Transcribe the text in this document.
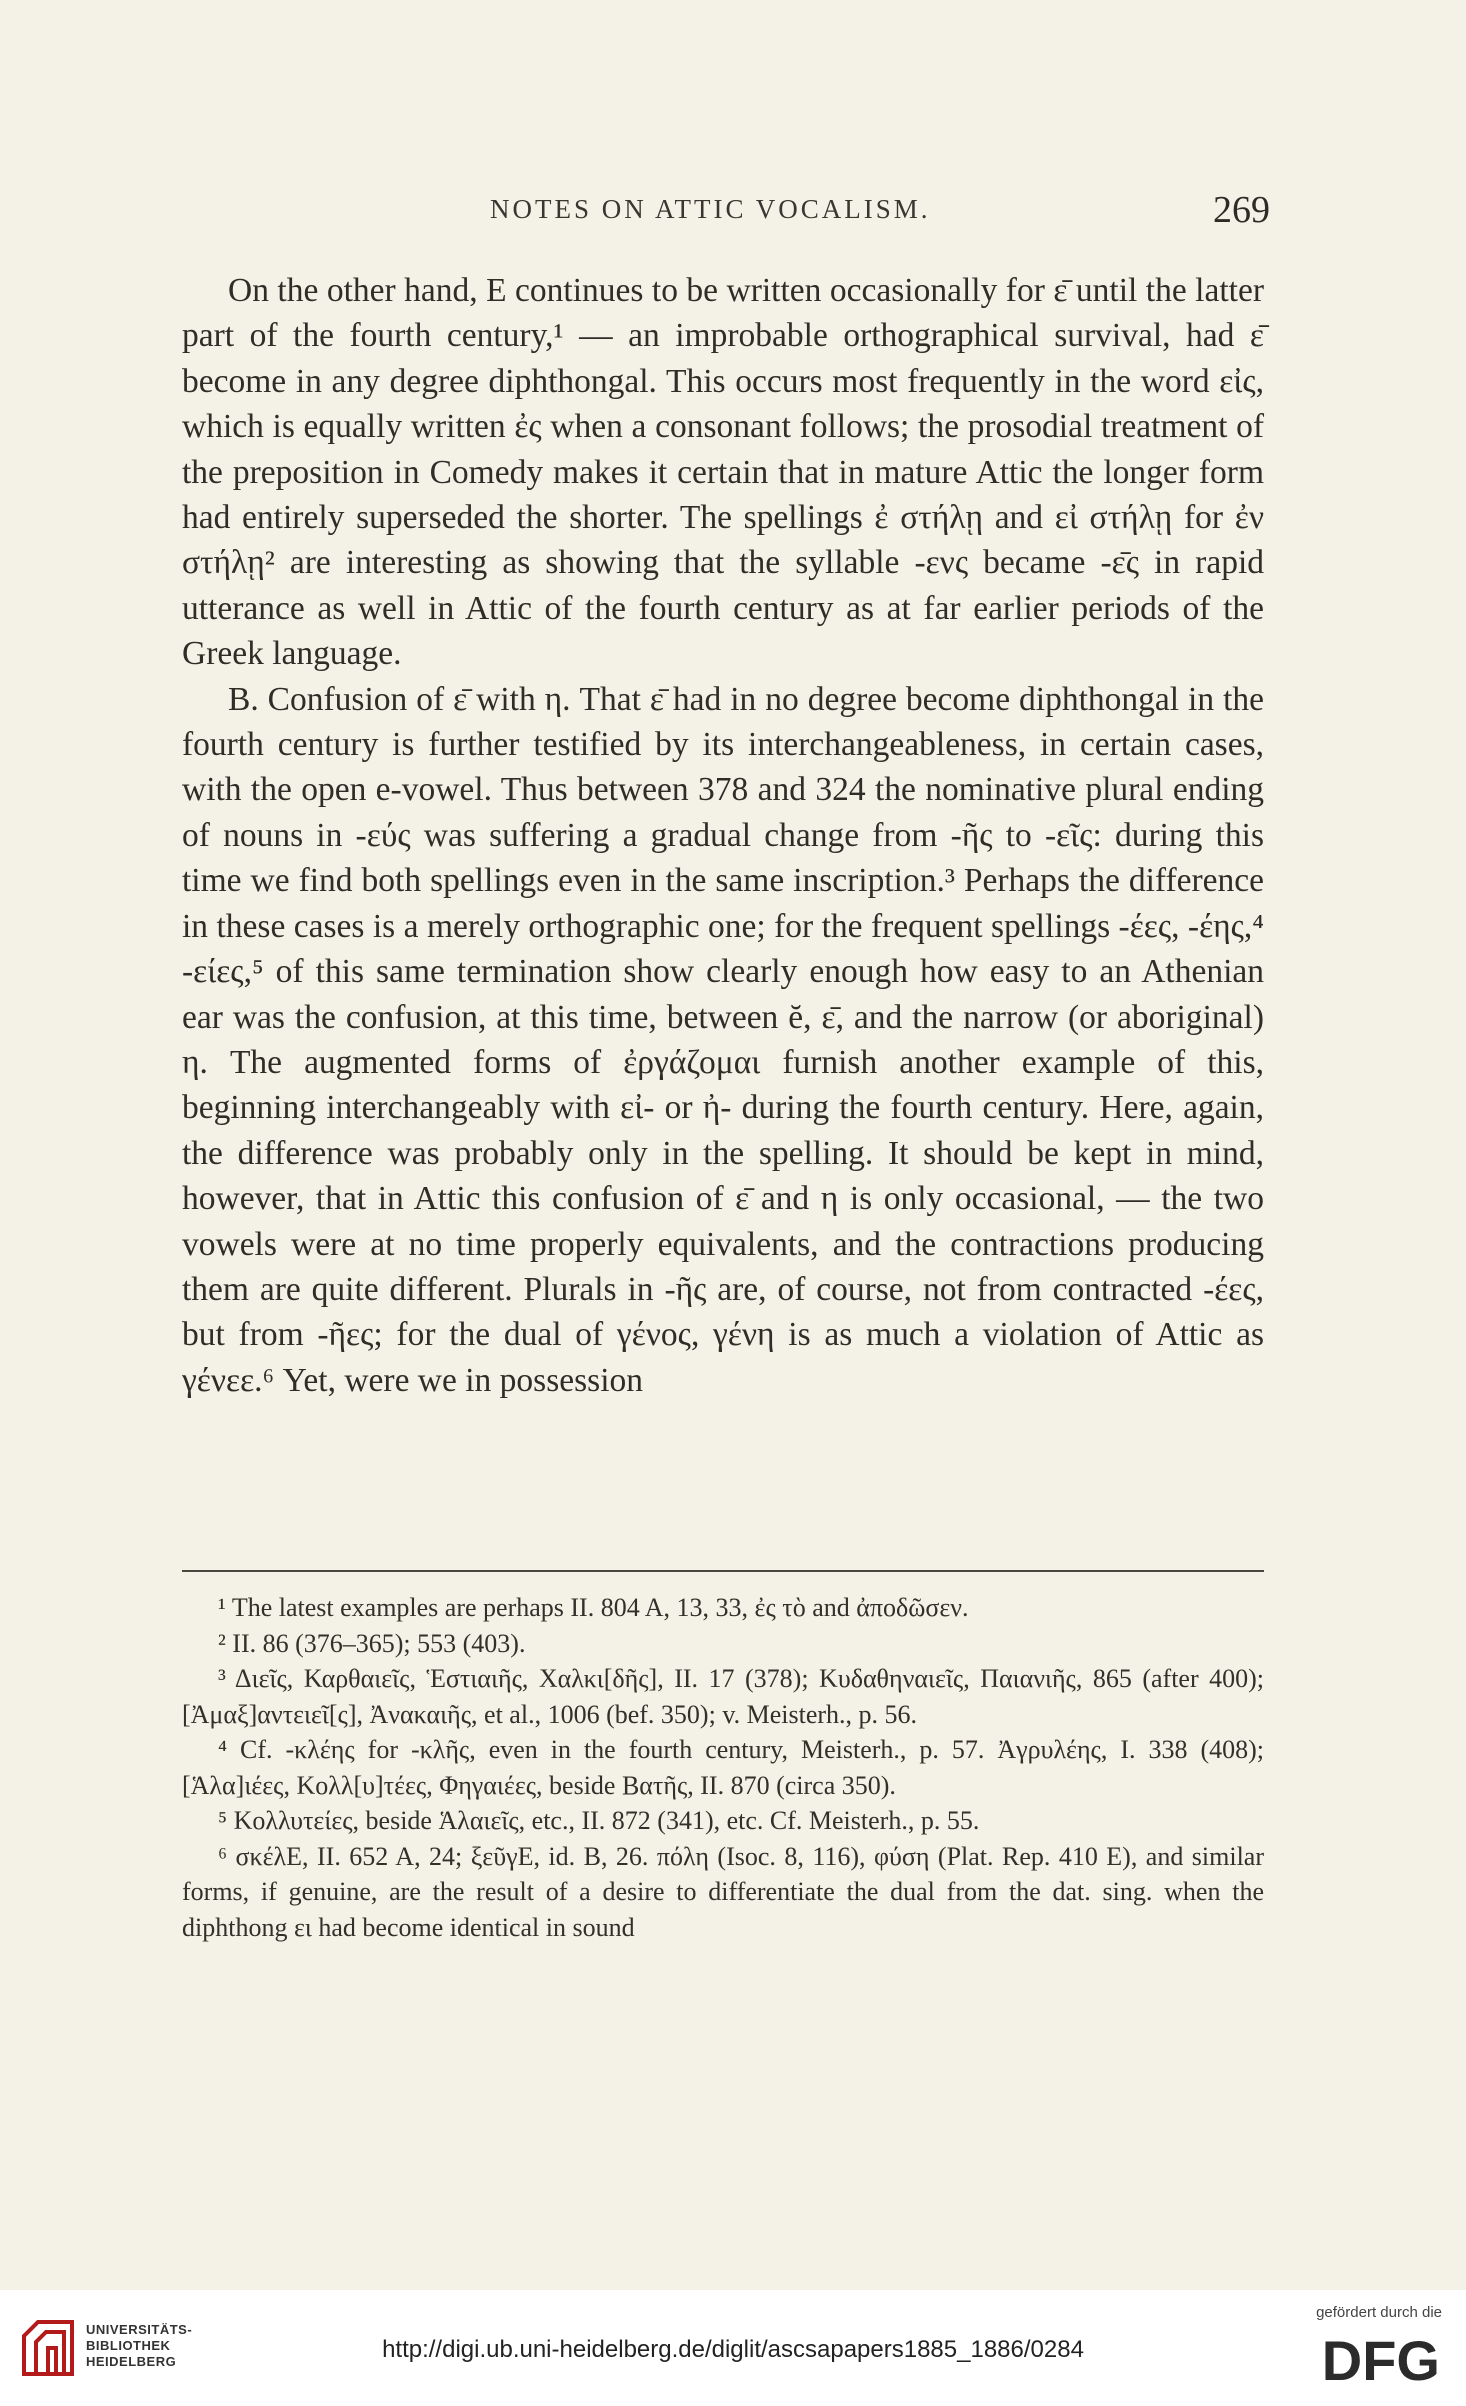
NOTES ON ATTIC VOCALISM.	269

On the other hand, E continues to be written occasionally for ε̄ until the latter part of the fourth century,¹ — an improbable orthographical survival, had ε̄ become in any degree diphthongal. This occurs most frequently in the word εἰς, which is equally written ἐς when a consonant follows; the prosodial treatment of the preposition in Comedy makes it certain that in mature Attic the longer form had entirely superseded the shorter. The spellings ἐ στήλῃ and εἰ στήλῃ for ἐν στήλῃ² are interesting as showing that the syllable -ενς became -ε̄ς in rapid utterance as well in Attic of the fourth century as at far earlier periods of the Greek language.

B. Confusion of ε̄ with η. That ε̄ had in no degree become diphthongal in the fourth century is further testified by its interchangeableness, in certain cases, with the open e-vowel. Thus between 378 and 324 the nominative plural ending of nouns in -εύς was suffering a gradual change from -ῆς to -εῖς: during this time we find both spellings even in the same inscription.³ Perhaps the difference in these cases is a merely orthographic one; for the frequent spellings -έες, -έης,⁴ -είες,⁵ of this same termination show clearly enough how easy to an Athenian ear was the confusion, at this time, between ĕ, ε̄, and the narrow (or aboriginal) η. The augmented forms of ἐργάζομαι furnish another example of this, beginning interchangeably with εἰ- or ἠ- during the fourth century. Here, again, the difference was probably only in the spelling. It should be kept in mind, however, that in Attic this confusion of ε̄ and η is only occasional, — the two vowels were at no time properly equivalents, and the contractions producing them are quite different. Plurals in -ῆς are, of course, not from contracted -έες, but from -ῆες; for the dual of γένος, γένη is as much a violation of Attic as γένεε.⁶ Yet, were we in possession

¹ The latest examples are perhaps II. 804 A, 13, 33, ἐς τὸ and ἀποδῶσεν.

² II. 86 (376–365); 553 (403).

³ Διεῖς, Καρθαιεῖς, Ἑστιαιῆς, Χαλκι[δῆς], II. 17 (378); Κυδαθηναιεῖς, Παιανιῆς, 865 (after 400); [Ἀμαξ]αντειεῖ[ς], Ἀνακαιῆς, et al., 1006 (bef. 350); v. Meisterh., p. 56.

⁴ Cf. -κλέης for -κλῆς, even in the fourth century, Meisterh., p. 57. Ἀγρυλέης, I. 338 (408); [Ἁλα]ιέες, Κολλ[υ]τέες, Φηγαιέες, beside Βατῆς, II. 870 (circa 350).

⁵ Κολλυτείες, beside Ἁλαιεῖς, etc., II. 872 (341), etc. Cf. Meisterh., p. 55.

⁶ σκέλΕ, II. 652 A, 24; ξεῦγΕ, id. B, 26. πόλη (Isoc. 8, 116), φύση (Plat. Rep. 410 E), and similar forms, if genuine, are the result of a desire to differentiate the dual from the dat. sing. when the diphthong ει had become identical in sound

UNIVERSITÄTS-
BIBLIOTHEK
HEIDELBERG	http://digi.ub.uni-heidelberg.de/diglit/ascsapapers1885_1886/0284
gefördert durch die
DFG
